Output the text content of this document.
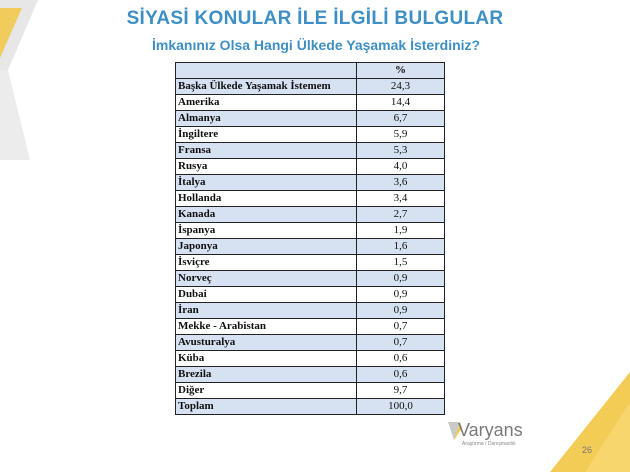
SİYASİ KONULAR İLE İLGİLİ BULGULAR
İmkanınız Olsa Hangi Ülkede Yaşamak İsterdiniz?
	%
Başka Ülkede Yaşamak İstemem	24,3
Amerika	14,4
Almanya	6,7
İngiltere	5,9
Fransa	5,3
Rusya	4,0
İtalya	3,6
Hollanda	3,4
Kanada	2,7
İspanya	1,9
Japonya	1,6
İsviçre	1,5
Norveç	0,9
Dubai	0,9
İran	0,9
Mekke - Arabistan	0,7
Avusturalya	0,7
Küba	0,6
Brezila	0,6
Diğer	9,7
Toplam	100,0
Varyans
Araştırma / Danışmanlık
26
